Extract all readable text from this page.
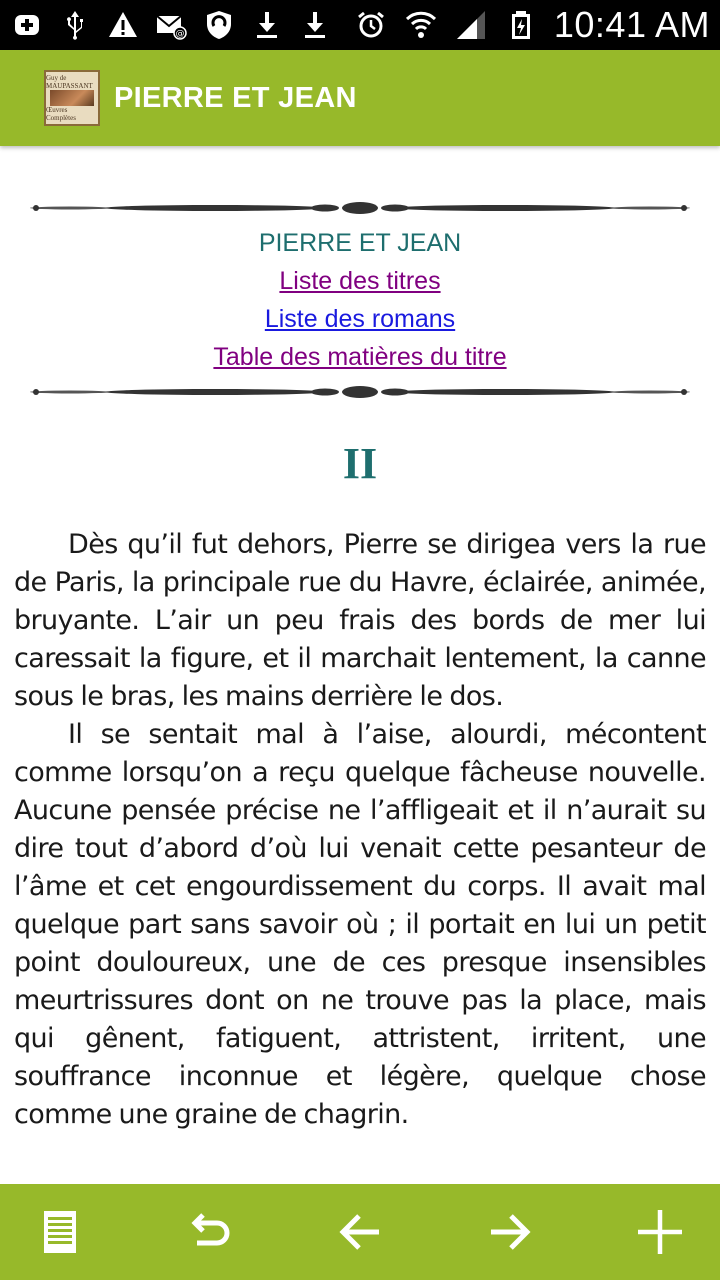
@	10:41 AM
Guy de MAUPASSANT
Œuvres Complètes
PIERRE ET JEAN
PIERRE ET JEAN
Liste des titres
Liste des romans
Table des matières du titre
II

Dès qu’il fut dehors, Pierre se dirigea vers la rue de Paris, la principale rue du Havre, éclairée, animée, bruyante. L’air un peu frais des bords de mer lui caressait la figure, et il marchait lentement, la canne sous le bras, les mains derrière le dos.

Il se sentait mal à l’aise, alourdi, mécontent comme lorsqu’on a reçu quelque fâcheuse nouvelle. Aucune pensée précise ne l’affligeait et il n’aurait su dire tout d’abord d’où lui venait cette pesanteur de l’âme et cet engourdissement du corps. Il avait mal quelque part sans savoir où ; il portait en lui un petit point douloureux, une de ces presque insensibles meurtrissures dont on ne trouve pas la place, mais qui gênent, fatiguent, attristent, irritent, une souffrance inconnue et légère, quelque chose comme une graine de chagrin.
